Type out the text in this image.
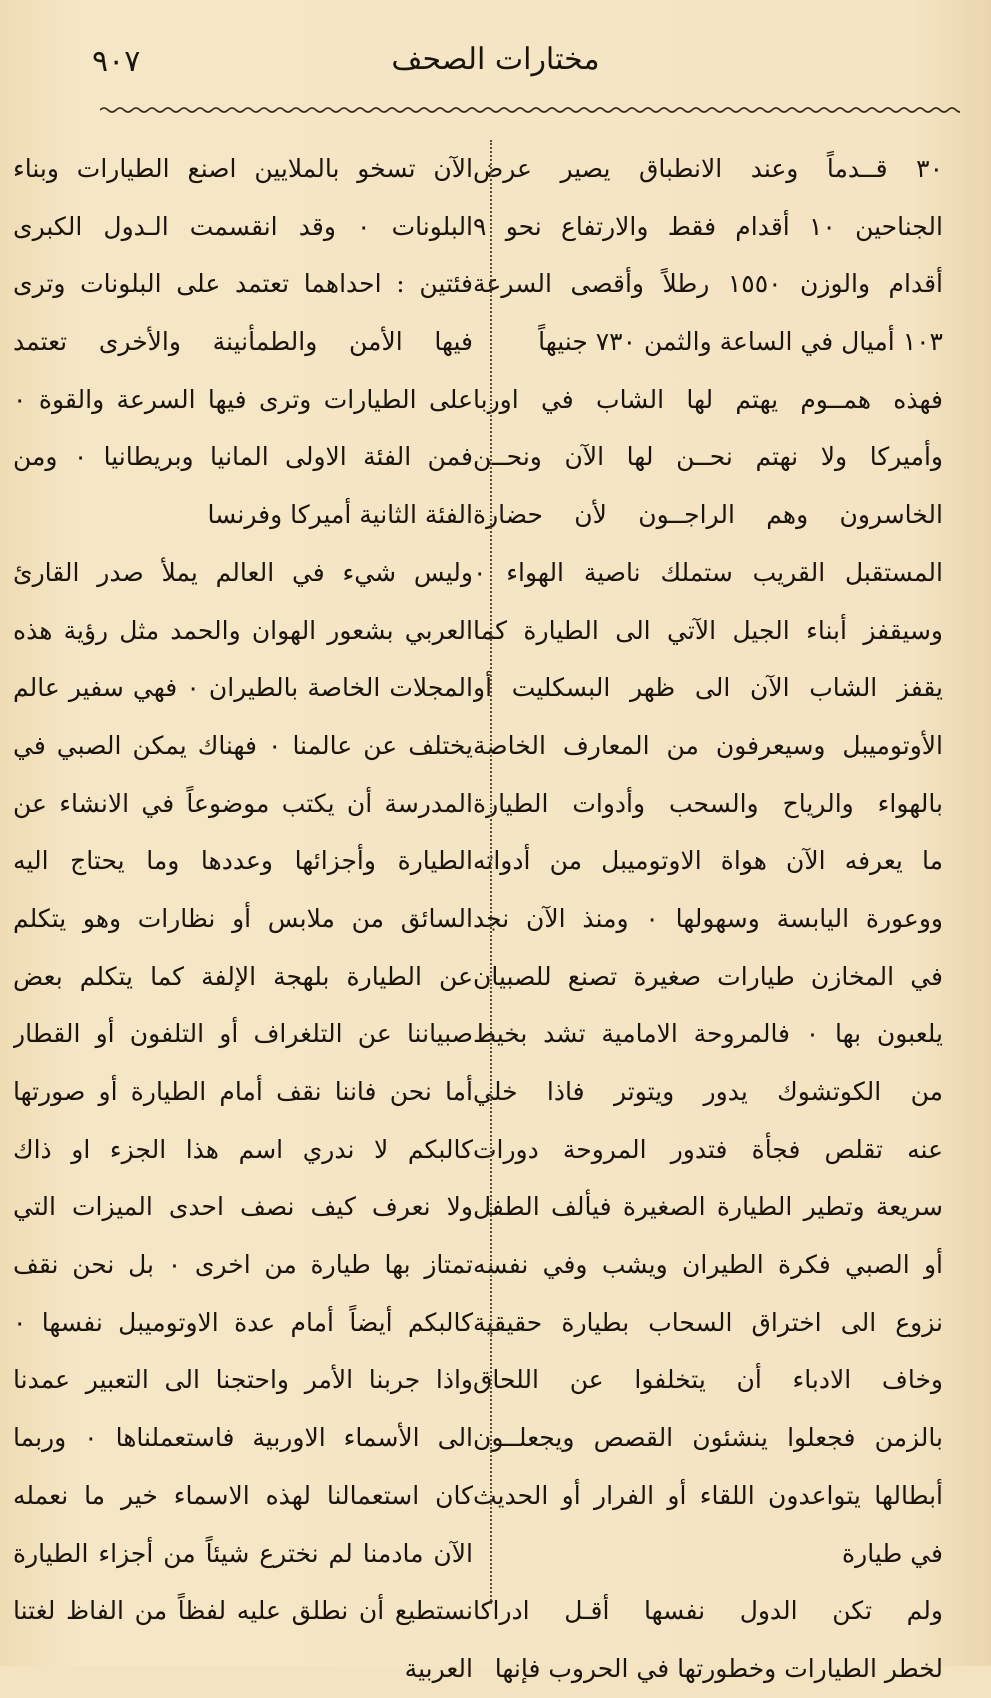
٩٠٧	مختارات الصحف
٣٠ قــدماً وعند الانطباق يصير عرض
الجناحين ١٠ أقدام فقط والارتفاع نحو ٩
أقدام والوزن ١٥٥٠ رطلاً وأقصى السرعة
١٠٣ أميال في الساعة والثمن ٧٣٠ جنيهاً
فهذه همــوم يهتم لها الشاب في اوربا
وأميركا ولا نهتم نحــن لها الآن ونحــن
الخاسرون وهم الراجــون لأن حضارة
المستقبل القريب ستملك ناصية الهواء ٠
وسيقفز أبناء الجيل الآتي الى الطيارة كما
يقفز الشاب الآن الى ظهر البسكليت أو
الأوتوميبل وسيعرفون من المعارف الخاصة
بالهواء والرياح والسحب وأدوات الطيارة
ما يعرفه الآن هواة الاوتوميبل من أدواته
ووعورة اليابسة وسهولها ٠ ومنذ الآن نجد
في المخازن طيارات صغيرة تصنع للصبيان
يلعبون بها ٠ فالمروحة الامامية تشد بخيط
من الكوتشوك يدور ويتوتر فاذا خلي
عنه تقلص فجأة فتدور المروحة دورات
سريعة وتطير الطيارة الصغيرة فيألف الطفل
أو الصبي فكرة الطيران ويشب وفي نفسه
نزوع الى اختراق السحاب بطيارة حقيقية
وخاف الادباء أن يتخلفوا عن اللحاق
بالزمن فجعلوا ينشئون القصص ويجعلــون
أبطالها يتواعدون اللقاء أو الفرار أو الحديث
في طيارة
ولم تكن الدول نفسها أقـل ادراكا
لخطر الطيارات وخطورتها في الحروب فإنها
الآن تسخو بالملايين اصنع الطيارات وبناء
البلونات ٠ وقد انقسمت الـدول الكبرى
فئتين : احداهما تعتمد على البلونات وترى
فيها الأمن والطمأنينة والأخرى تعتمد
على الطيارات وترى فيها السرعة والقوة ٠
فمن الفئة الاولى المانيا وبريطانيا ٠ ومن
الفئة الثانية أميركا وفرنسا
وليس شيء في العالم يملأ صدر القارئ
العربي بشعور الهوان والحمد مثل رؤية هذه
المجلات الخاصة بالطيران ٠ فهي سفير عالم
يختلف عن عالمنا ٠ فهناك يمكن الصبي في
المدرسة أن يكتب موضوعاً في الانشاء عن
الطيارة وأجزائها وعددها وما يحتاج اليه
السائق من ملابس أو نظارات وهو يتكلم
عن الطيارة بلهجة الإلفة كما يتكلم بعض
صبياننا عن التلغراف أو التلفون أو القطار
أما نحن فاننا نقف أمام الطيارة أو صورتها
كالبكم لا ندري اسم هذا الجزء او ذاك
ولا نعرف كيف نصف احدى الميزات التي
تمتاز بها طيارة من اخرى ٠ بل نحن نقف
كالبكم أيضاً أمام عدة الاوتوميبل نفسها ٠
واذا جربنا الأمر واحتجنا الى التعبير عمدنا
الى الأسماء الاوربية فاستعملناها ٠ وربما
كان استعمالنا لهذه الاسماء خير ما نعمله
الآن مادمنا لم نخترع شيئاً من أجزاء الطيارة
نستطيع أن نطلق عليه لفظاً من الفاظ لغتنا
العربية
